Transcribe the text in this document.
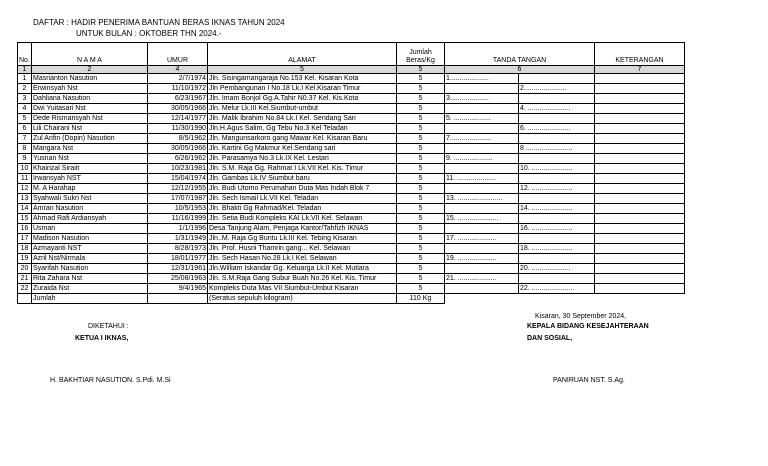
DAFTAR : HADIR PENERIMA BANTUAN BERAS IKNAS TAHUN 2024
UNTUK BULAN : OKTOBER THN 2024.-
No.	N A M A	UMUR	ALAMAT	Jumlah Beras/Kg	TANDA TANGAN		KETERANGAN
1	2	4	5	5	6		7
1	Masrianton Nasution	2/7/1974	Jln. Sisingamangaraja No.153 Kel. Kisaran Kota	5	1....................		
2	Erwinsyah Nst	11/10/1972	Jln Pembangunan I No.18 Lk.I Kel.Kisaran Timur	5		2......................	
3	Dahliana Nasution	6/23/1967	Jln. Imam Bonjol Gg.A.Tahir N0.37 Kel. Kis.Kota	5	3....................		
4	Dwi Yuitasari Nst	30/05/1966	Jln. Melur Lk.III Kel.Siumbut-umbut	5		4. ......................	
5	Dede Rismansyah Nst	12/14/1977	Jln. Malik Ibrahim No.84 Lk.I Kel. Sendang Sari	5	5. ...................		
6	Lili Chairani Nst	11/30/1990	Jln.H.Agus Salim, Gg Tebu No.3 Kel Teladan	5		6. ......................	
7	Zul Arifin (Dopin) Nasution	8/5/1962	Jln. Mangunsarkoro gang Mawar Kel. Kisaran Baru	5	7.....................		
8	Mangara Nst	30/05/1966	Jln. Kartini Gg Makmur Kel.Sendang sari	5		8 ........................	
9	Yusnan Nst	6/26/1962	Jln. Parasamya No.3 Lk.IX Kel. Lestari	5	9. ....................		
10	Khairizal Siraiit	10/23/1981	Jln. S.M. Raja Gg. Rahmat I Lk.VII Kel. Kis. Timur	5		10. .....................	
11	Irwansyah NST	15/04/1974	Jln. Gambas Lk.IV Siumbut baru	5	11. ....................		
12	M. A Harahap	12/12/1955	Jln. Budi Utomo Perumahan Duta Mas Indah Blok 7	5		12. .....................	
13	Syahwali Sukri Nst	17/07/1987	Jln. Sech Ismail Lk.VII Kel. Teladan	5	13. .......................		
14	Amran Nasution	10/5/1953	Jln. Bhakti Gg Rahmad/Kel. Teladan	5		14. .....................	
15	Ahmad Rafi Ardiansyah	11/16/1999	Jln. Setia Budi Kompleks KAI Lk.VII Kel. Selawan	5	15. .....................		
16	Usman	1/1/1996	Desa Tanjung Alam, Penjaga Kantor/Tahfizh IKNAS	5		16. .....................	
17	Madison Nasution	1/31/1949	Jln..M. Raja Gg Buntu Lk.III Kel. Tebing Kisaran	5	17. ....................		
18	Azmayanti NST	8/28/1973	Jln. Prof. Husni Thamrin gang... Kel. Selawan	5		18. .....................	
19	Azril Nst/Nirmala	18/01/1977	Jln. Sech Hasan No.28 Lk.I Kel. Selawan	5	19. ....................		
20	Syarifah Nasution	12/31/1961	Jln.William Iskandar Gg. Keluarga Lk.II Kel. Mutiara	5		20. ....................	
21	Rita Zahara Nst	25/08/1963	Jln. S.M.Raja Gang Subur Buah No.26 Kel. Kis. Timur	5	21. ....................		
22	Zuraida Nst	9/4/1965	Kompleks Duta Mas VII Siumbut-Umbut Kisaran	5		22. ......................	
	Jumlah		(Seratus sepuluh kilogram)	110 Kg			
Kisaran, 30 September 2024,
DIKETAHUI :
KETUA I IKNAS,
KEPALA BIDANG KESEJAHTERAAN
DAN SOSIAL,
H. BAKHTIAR NASUTION. S.Pdi. M.Si	PANIRUAN NST. S.Ag.
